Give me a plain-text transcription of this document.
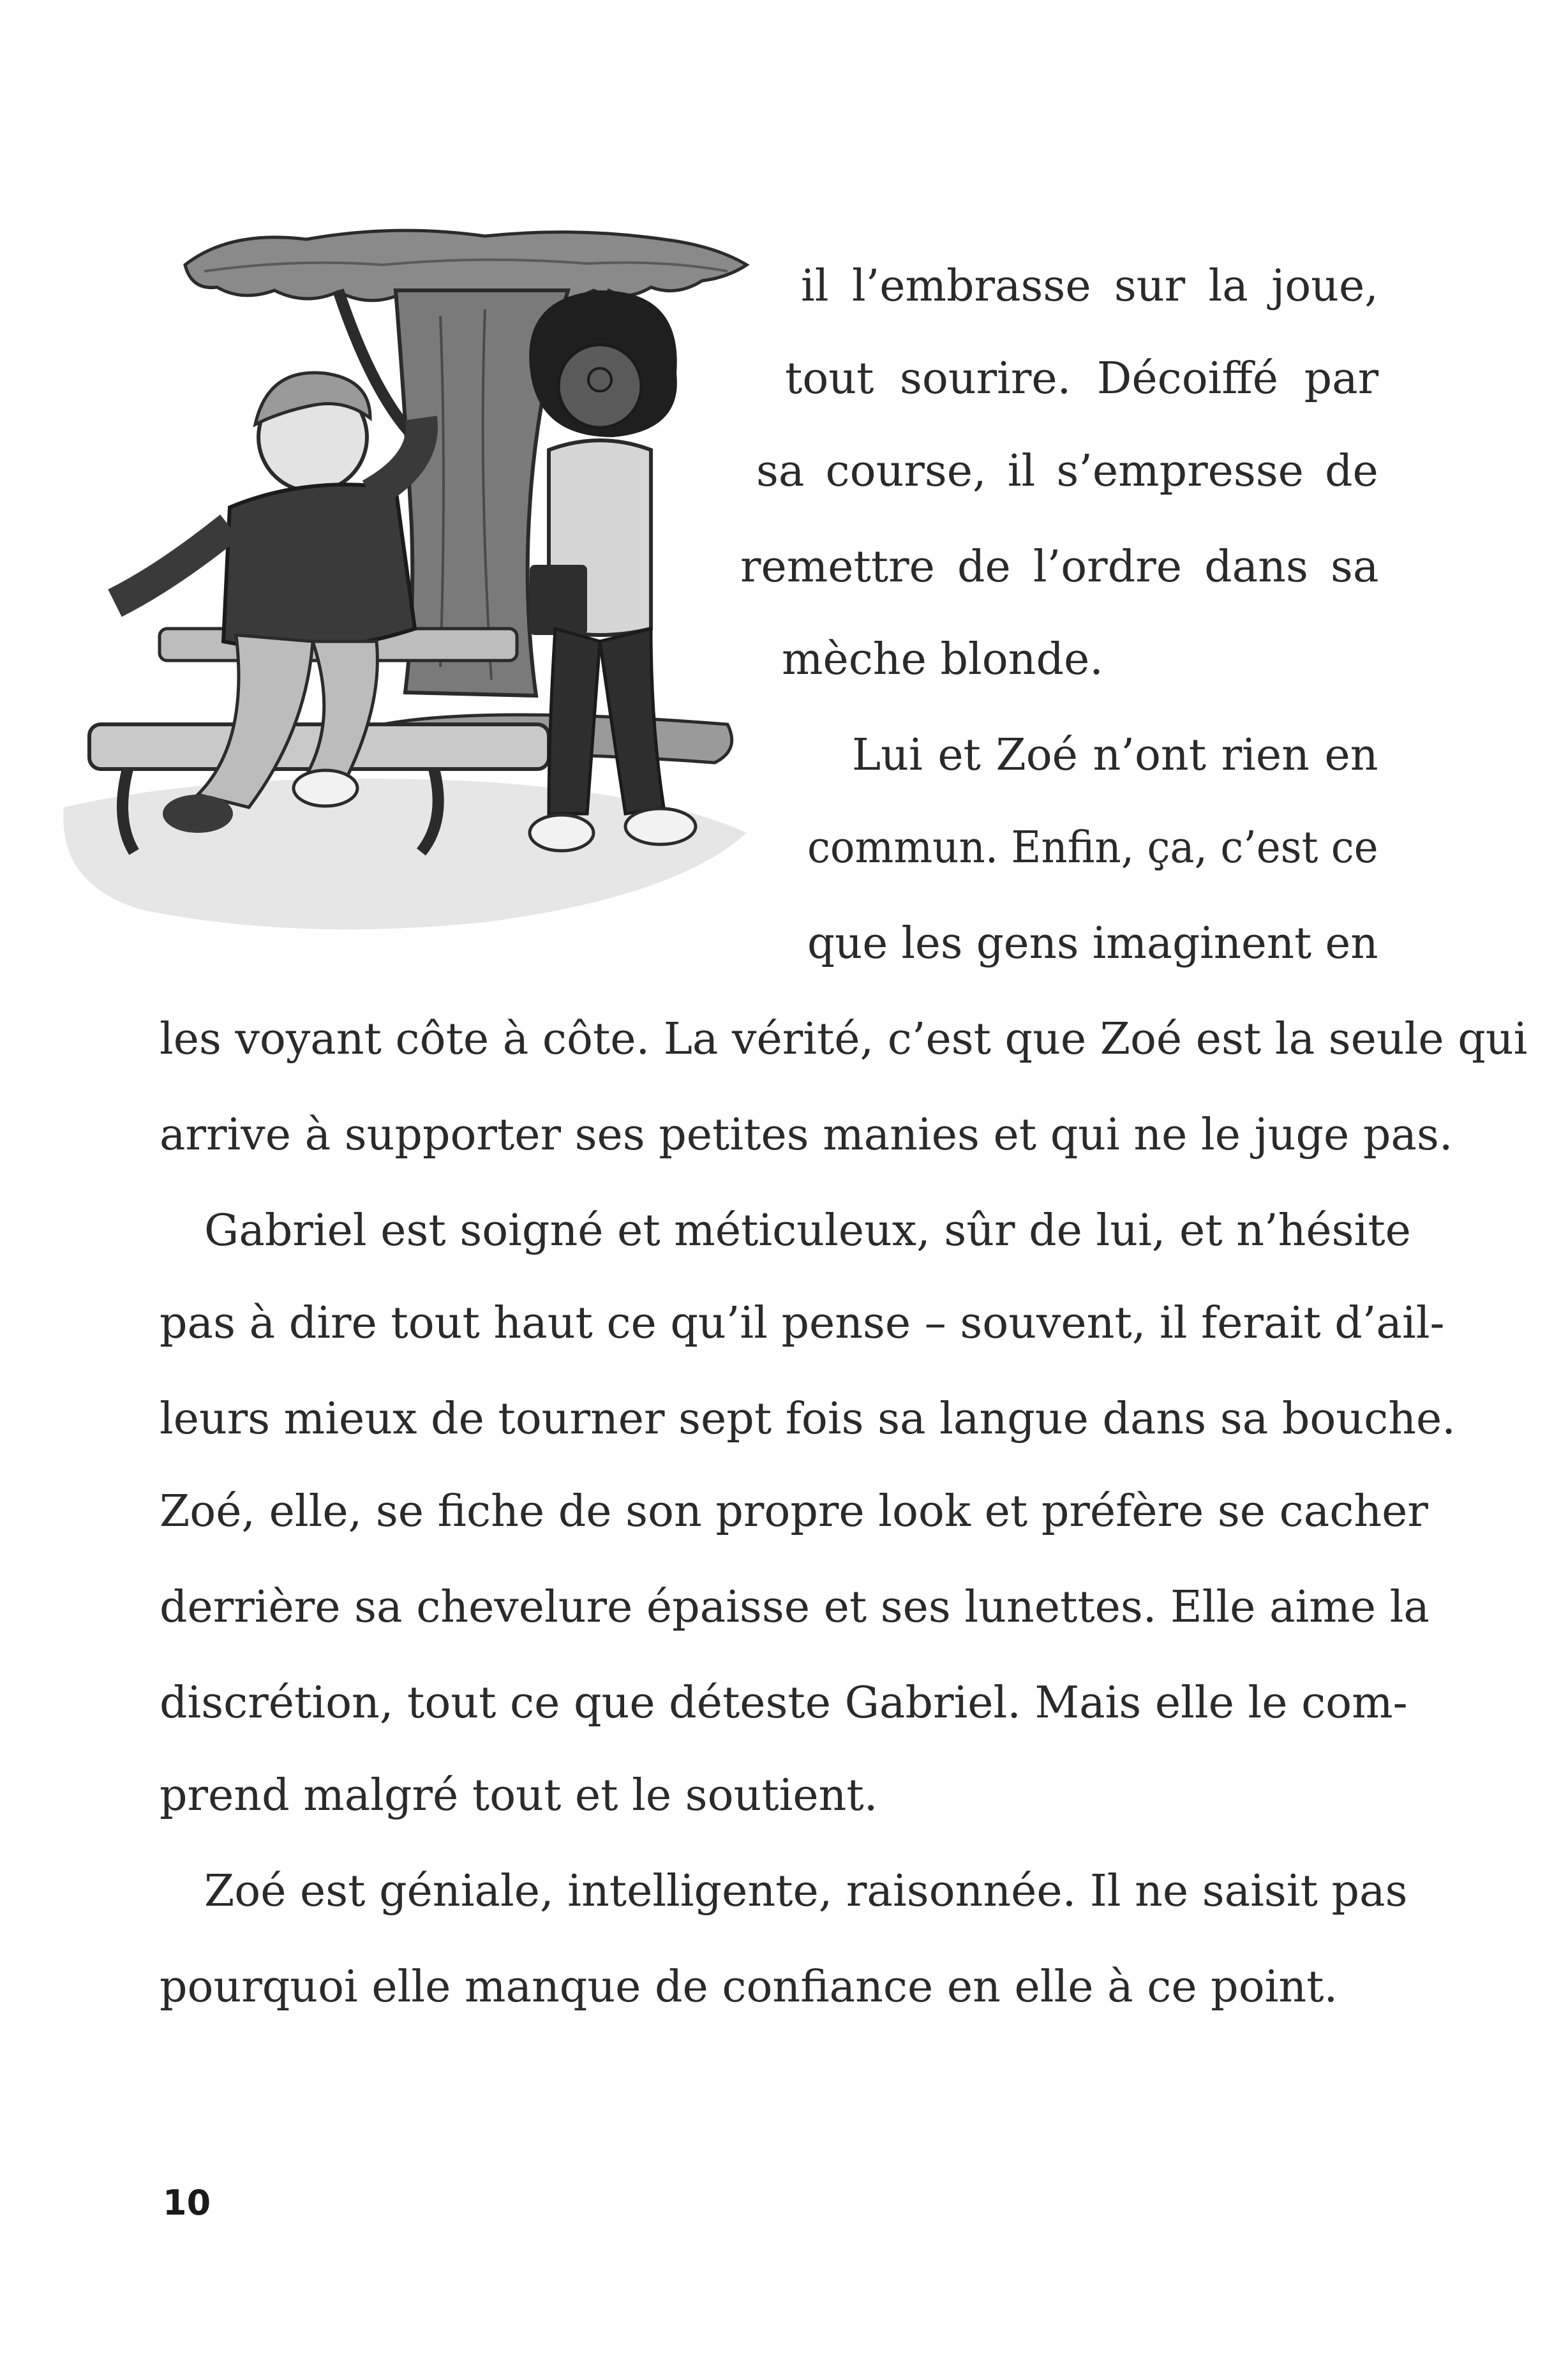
il l’embrasse sur la joue,
tout sourire. Décoiffé par
sa course, il s’empresse de
remettre de l’ordre dans sa
mèche blonde.
Lui et Zoé n’ont rien en
commun. Enfin, ça, c’est ce
que les gens imaginent en
les voyant côte à côte. La vérité, c’est que Zoé est la seule qui
arrive à supporter ses petites manies et qui ne le juge pas.
Gabriel est soigné et méticuleux, sûr de lui, et n’hésite
pas à dire tout haut ce qu’il pense – souvent, il ferait d’ail-
leurs mieux de tourner sept fois sa langue dans sa bouche.
Zoé, elle, se fiche de son propre look et préfère se cacher
derrière sa chevelure épaisse et ses lunettes. Elle aime la
discrétion, tout ce que déteste Gabriel. Mais elle le com-
prend malgré tout et le soutient.
Zoé est géniale, intelligente, raisonnée. Il ne saisit pas
pourquoi elle manque de confiance en elle à ce point.
10
